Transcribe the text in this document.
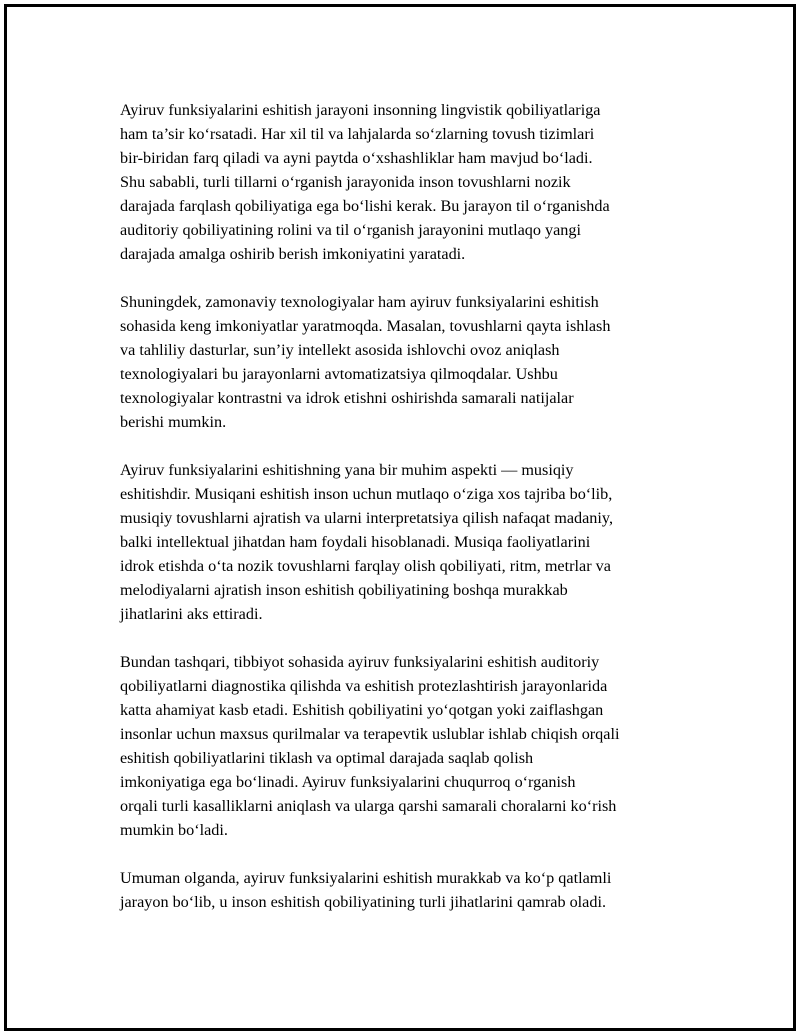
Ayiruv funksiyalarini eshitish jarayoni insonning lingvistik qobiliyatlariga
ham ta’sir ko‘rsatadi. Har xil til va lahjalarda so‘zlarning tovush tizimlari
bir-biridan farq qiladi va ayni paytda o‘xshashliklar ham mavjud bo‘ladi.
Shu sababli, turli tillarni o‘rganish jarayonida inson tovushlarni nozik
darajada farqlash qobiliyatiga ega bo‘lishi kerak. Bu jarayon til o‘rganishda
auditoriy qobiliyatining rolini va til o‘rganish jarayonini mutlaqo yangi
darajada amalga oshirib berish imkoniyatini yaratadi.

Shuningdek, zamonaviy texnologiyalar ham ayiruv funksiyalarini eshitish
sohasida keng imkoniyatlar yaratmoqda. Masalan, tovushlarni qayta ishlash
va tahliliy dasturlar, sun’iy intellekt asosida ishlovchi ovoz aniqlash
texnologiyalari bu jarayonlarni avtomatizatsiya qilmoqdalar. Ushbu
texnologiyalar kontrastni va idrok etishni oshirishda samarali natijalar
berishi mumkin.

Ayiruv funksiyalarini eshitishning yana bir muhim aspekti — musiqiy
eshitishdir. Musiqani eshitish inson uchun mutlaqo o‘ziga xos tajriba bo‘lib,
musiqiy tovushlarni ajratish va ularni interpretatsiya qilish nafaqat madaniy,
balki intellektual jihatdan ham foydali hisoblanadi. Musiqa faoliyatlarini
idrok etishda o‘ta nozik tovushlarni farqlay olish qobiliyati, ritm, metrlar va
melodiyalarni ajratish inson eshitish qobiliyatining boshqa murakkab
jihatlarini aks ettiradi.

Bundan tashqari, tibbiyot sohasida ayiruv funksiyalarini eshitish auditoriy
qobiliyatlarni diagnostika qilishda va eshitish protezlashtirish jarayonlarida
katta ahamiyat kasb etadi. Eshitish qobiliyatini yo‘qotgan yoki zaiflashgan
insonlar uchun maxsus qurilmalar va terapevtik uslublar ishlab chiqish orqali
eshitish qobiliyatlarini tiklash va optimal darajada saqlab qolish
imkoniyatiga ega bo‘linadi. Ayiruv funksiyalarini chuqurroq o‘rganish
orqali turli kasalliklarni aniqlash va ularga qarshi samarali choralarni ko‘rish
mumkin bo‘ladi.

Umuman olganda, ayiruv funksiyalarini eshitish murakkab va ko‘p qatlamli
jarayon bo‘lib, u inson eshitish qobiliyatining turli jihatlarini qamrab oladi.
